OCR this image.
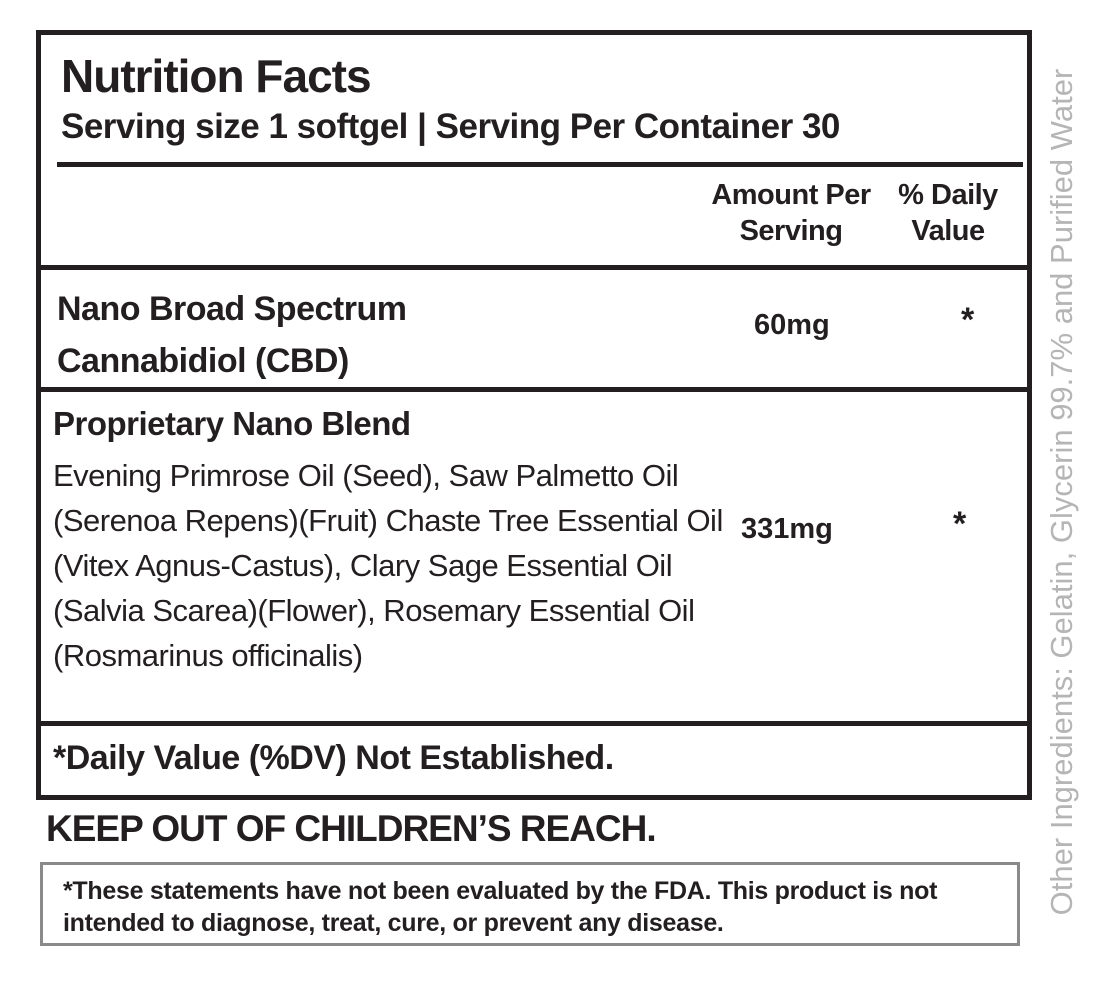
Nutrition Facts
Serving size 1 softgel | Serving Per Container 30
Amount Per
Serving
% Daily
Value
Nano Broad Spectrum
Cannabidiol (CBD)
60mg	*
Proprietary Nano Blend
Evening Primrose Oil (Seed), Saw Palmetto Oil (Serenoa Repens)(Fruit) Chaste Tree Essential Oil (Vitex Agnus-Castus), Clary Sage Essential Oil (Salvia Scarea)(Flower), Rosemary Essential Oil (Rosmarinus officinalis)
331mg	*
*Daily Value (%DV) Not Established.
KEEP OUT OF CHILDREN’S REACH.
*These statements have not been evaluated by the FDA. This product is not intended to diagnose, treat, cure, or prevent any disease.
Other Ingredients: Gelatin, Glycerin 99.7% and Purified Water
